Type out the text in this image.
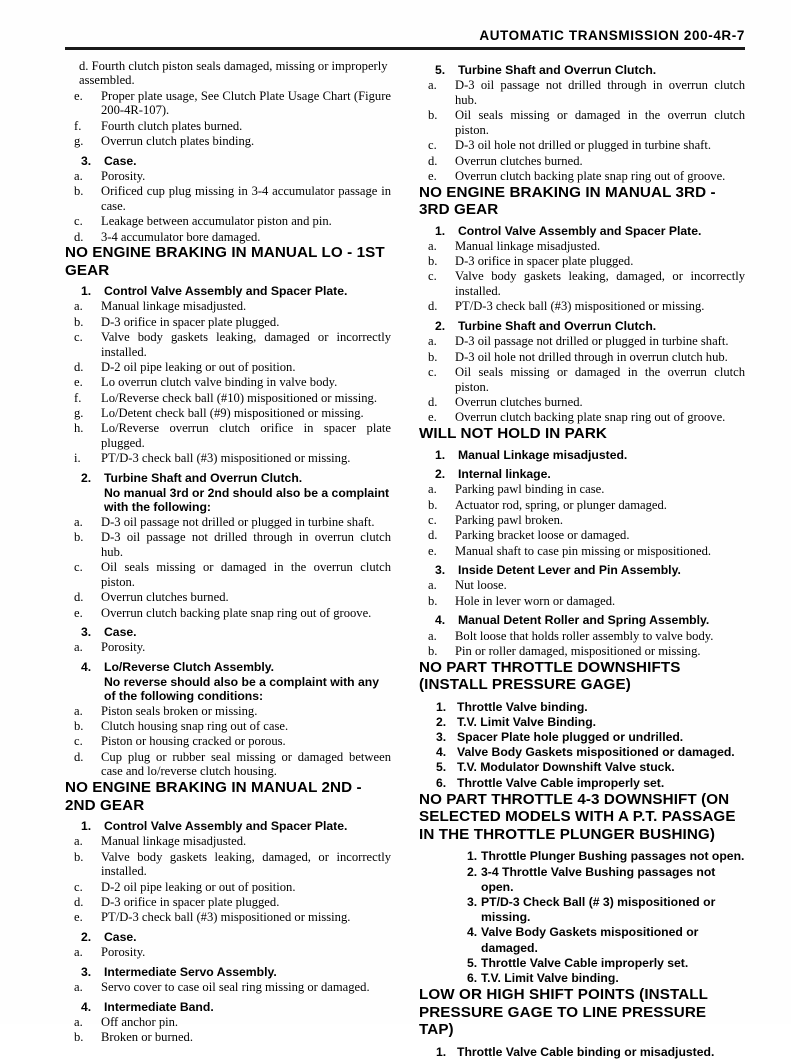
AUTOMATIC TRANSMISSION 200-4R-7
d. Fourth clutch piston seals damaged, missing or improperly assembled.
e.	Proper plate usage, See Clutch Plate Usage Chart (Figure 200-4R-107).
f.	Fourth clutch plates burned.
g.	Overrun clutch plates binding.
3.	Case.
a.	Porosity.
b.	Orificed cup plug missing in 3-4 accumulator passage in case.
c.	Leakage between accumulator piston and pin.
d.	3-4 accumulator bore damaged.
NO ENGINE BRAKING IN MANUAL LO - 1ST GEAR
1.	Control Valve Assembly and Spacer Plate.
a.	Manual linkage misadjusted.
b.	D-3 orifice in spacer plate plugged.
c.	Valve body gaskets leaking, damaged or incorrectly installed.
d.	D-2 oil pipe leaking or out of position.
e.	Lo overrun clutch valve binding in valve body.
f.	Lo/Reverse check ball (#10) mispositioned or missing.
g.	Lo/Detent check ball (#9) mispositioned or missing.
h.	Lo/Reverse overrun clutch orifice in spacer plate plugged.
i.	PT/D-3 check ball (#3) mispositioned or missing.
2.	Turbine Shaft and Overrun Clutch.
No manual 3rd or 2nd should also be a complaint with the following:
a.	D-3 oil passage not drilled or plugged in turbine shaft.
b.	D-3 oil passage not drilled through in overrun clutch hub.
c.	Oil seals missing or damaged in the overrun clutch piston.
d.	Overrun clutches burned.
e.	Overrun clutch backing plate snap ring out of groove.
3.	Case.
a.	Porosity.
4.	Lo/Reverse Clutch Assembly.
No reverse should also be a complaint with any of the following conditions:
a.	Piston seals broken or missing.
b.	Clutch housing snap ring out of case.
c.	Piston or housing cracked or porous.
d.	Cup plug or rubber seal missing or damaged between case and lo/reverse clutch housing.
NO ENGINE BRAKING IN MANUAL 2ND - 2ND GEAR
1.	Control Valve Assembly and Spacer Plate.
a.	Manual linkage misadjusted.
b.	Valve body gaskets leaking, damaged, or incorrectly installed.
c.	D-2 oil pipe leaking or out of position.
d.	D-3 orifice in spacer plate plugged.
e.	PT/D-3 check ball (#3) mispositioned or missing.
2.	Case.
a.	Porosity.
3.	Intermediate Servo Assembly.
a.	Servo cover to case oil seal ring missing or damaged.
4.	Intermediate Band.
a.	Off anchor pin.
b.	Broken or burned.
5.	Turbine Shaft and Overrun Clutch.
a.	D-3 oil passage not drilled through in overrun clutch hub.
b.	Oil seals missing or damaged in the overrun clutch piston.
c.	D-3 oil hole not drilled or plugged in turbine shaft.
d.	Overrun clutches burned.
e.	Overrun clutch backing plate snap ring out of groove.
NO ENGINE BRAKING IN MANUAL 3RD - 3RD GEAR
1.	Control Valve Assembly and Spacer Plate.
a.	Manual linkage misadjusted.
b.	D-3 orifice in spacer plate plugged.
c.	Valve body gaskets leaking, damaged, or incorrectly installed.
d.	PT/D-3 check ball (#3) mispositioned or missing.
2.	Turbine Shaft and Overrun Clutch.
a.	D-3 oil passage not drilled or plugged in turbine shaft.
b.	D-3 oil hole not drilled through in overrun clutch hub.
c.	Oil seals missing or damaged in the overrun clutch piston.
d.	Overrun clutches burned.
e.	Overrun clutch backing plate snap ring out of groove.
WILL NOT HOLD IN PARK
1.	Manual Linkage misadjusted.
2.	Internal linkage.
a.	Parking pawl binding in case.
b.	Actuator rod, spring, or plunger damaged.
c.	Parking pawl broken.
d.	Parking bracket loose or damaged.
e.	Manual shaft to case pin missing or mispositioned.
3.	Inside Detent Lever and Pin Assembly.
a.	Nut loose.
b.	Hole in lever worn or damaged.
4.	Manual Detent Roller and Spring Assembly.
a.	Bolt loose that holds roller assembly to valve body.
b.	Pin or roller damaged, mispositioned or missing.
NO PART THROTTLE DOWNSHIFTS (INSTALL PRESSURE GAGE)
1. Throttle Valve binding.
2. T.V. Limit Valve Binding.
3. Spacer Plate hole plugged or undrilled.
4. Valve Body Gaskets mispositioned or damaged.
5. T.V. Modulator Downshift Valve stuck.
6. Throttle Valve Cable improperly set.
NO PART THROTTLE 4-3 DOWNSHIFT (ON SELECTED MODELS WITH A P.T. PASSAGE IN THE THROTTLE PLUNGER BUSHING)
1. Throttle Plunger Bushing passages not open.
2. 3-4 Throttle Valve Bushing passages not open.
3. PT/D-3 Check Ball (# 3) mispositioned or missing.
4. Valve Body Gaskets mispositioned or damaged.
5. Throttle Valve Cable improperly set.
6. T.V. Limit Valve binding.
LOW OR HIGH SHIFT POINTS (INSTALL PRESSURE GAGE TO LINE PRESSURE TAP)
1. Throttle Valve Cable binding or misadjusted.
